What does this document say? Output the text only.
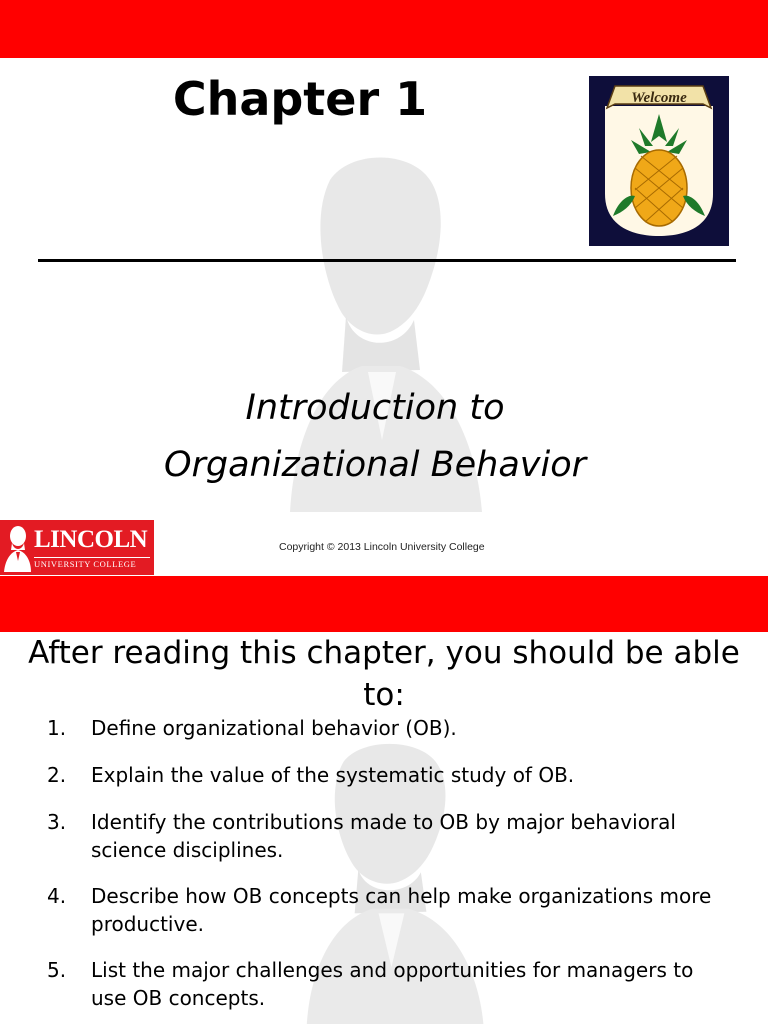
Chapter 1	Welcome
Introduction to
Organizational Behavior
LINCOLN
UNIVERSITY COLLEGE
Copyright © 2013 Lincoln University College
After reading this chapter, you should be able
to:
1. Define organizational behavior (OB).
2. Explain the value of the systematic study of OB.
3. Identify the contributions made to OB by major behavioral science disciplines.
4. Describe how OB concepts can help make organizations more productive.
5. List the major challenges and opportunities for managers to use OB concepts.
